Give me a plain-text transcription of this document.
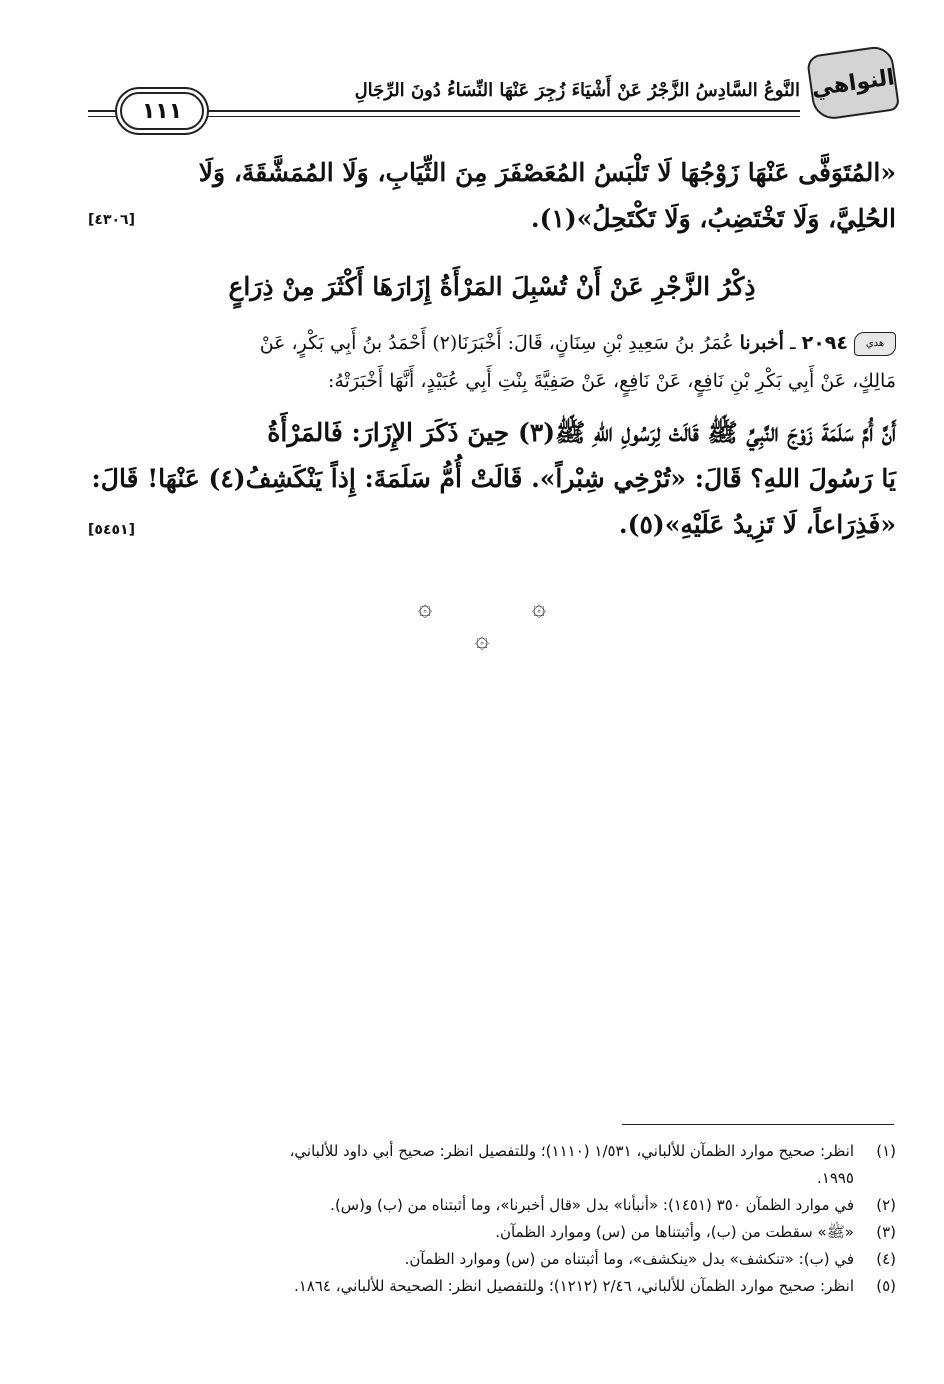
النواهي
النَّوعُ السَّادِسُ الزَّجْرُ عَنْ أَشْيَاءَ زُجِرَ عَنْهَا النِّسَاءُ دُونَ الرِّجَالِ
١١١
«المُتَوَفَّى عَنْهَا زَوْجُهَا لَا تَلْبَسُ المُعَصْفَرَ مِنَ الثِّيَابِ، وَلَا المُمَشَّقَةَ، وَلَا
الحُلِيَّ، وَلَا تَخْتَضِبُ، وَلَا تَكْتَحِلُ»(١).
[٤٣٠٦]
ذِكْرُ الزَّجْرِ عَنْ أَنْ تُسْبِلَ المَرْأَةُ إِزَارَهَا أَكْثَرَ مِنْ ذِرَاعٍ
هدي٢٠٩٤ ـ أخبرنا عُمَرُ بنُ سَعِيدِ بْنِ سِنَانٍ، قَالَ: أَخْبَرَنَا(٢) أَحْمَدُ بنُ أَبِي بَكْرٍ، عَنْ
مَالِكٍ، عَنْ أَبِي بَكْرِ بْنِ نَافِعٍ، عَنْ نَافِعٍ، عَنْ صَفِيَّةَ بِنْتِ أَبِي عُبَيْدٍ، أَنَّهَا أَخْبَرَتْهُ:
أَنَّ أُمَّ سَلَمَةَ زَوْجَ النَّبِيِّ ﷺ قَالَتْ لِرَسُولِ اللهِ ﷺ(٣) حِينَ ذَكَرَ الإِزَارَ: فَالمَرْأَةُ
يَا رَسُولَ اللهِ؟ قَالَ: «تُرْخِي شِبْراً». قَالَتْ أُمُّ سَلَمَةَ: إِذاً يَنْكَشِفُ(٤) عَنْهَا! قَالَ:
«فَذِرَاعاً، لَا تَزِيدُ عَلَيْهِ»(٥).
[٥٤٥١]
۞
۞
۞
(١)
انظر: صحيح موارد الظمآن للألباني، ١/٥٣١ (١١١٠)؛ وللتفصيل انظر: صحيح أبي داود للألباني،
١٩٩٥.
(٢)
في موارد الظمآن ٣٥٠ (١٤٥١): «أنبأنا» بدل «قال أخبرنا»، وما أثبتناه من (ب) و(س).
(٣)
«ﷺ» سقطت من (ب)، وأثبتناها من (س) وموارد الظمآن.
(٤)
في (ب): «تنكشف» بدل «ينكشف»، وما أثبتناه من (س) وموارد الظمآن.
(٥)
انظر: صحيح موارد الظمآن للألباني، ٢/٤٦ (١٢١٢)؛ وللتفصيل انظر: الصحيحة للألباني، ١٨٦٤.
